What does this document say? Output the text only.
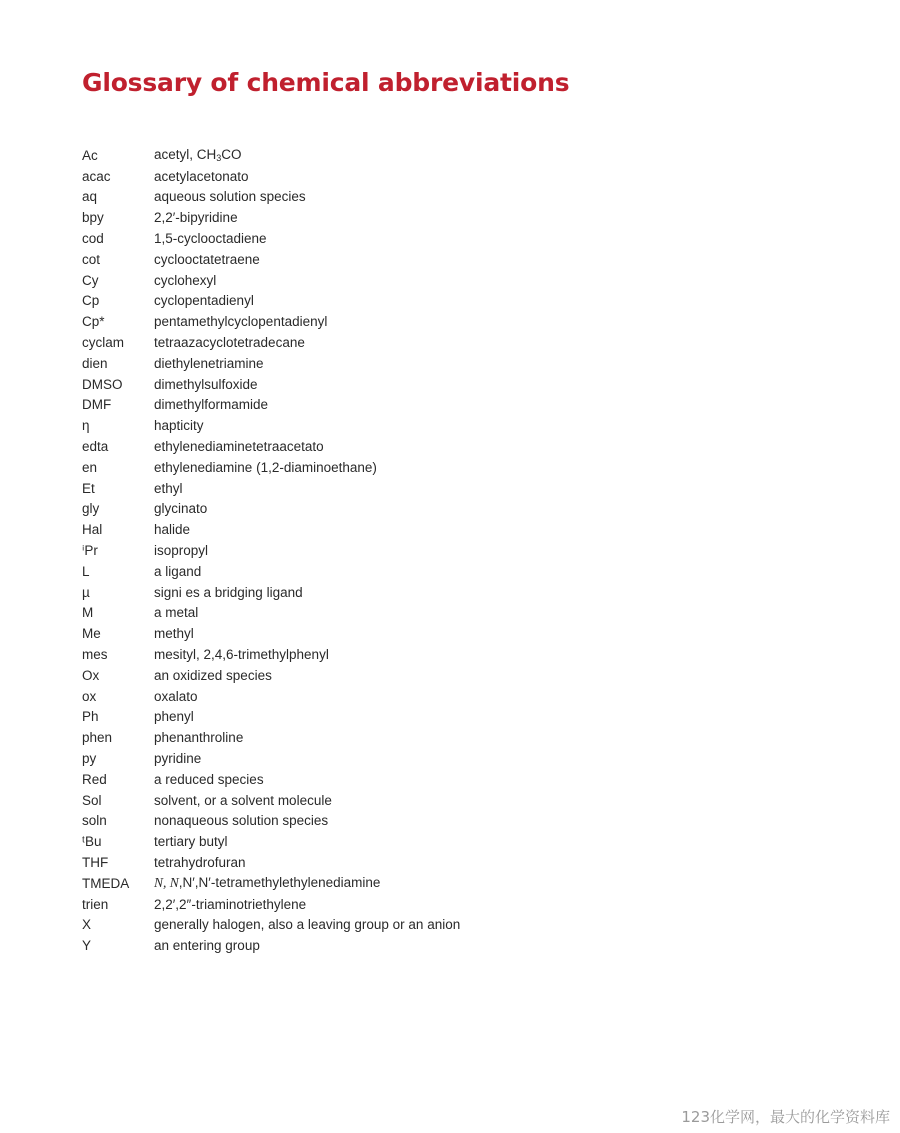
Glossary of chemical abbreviations
Ac	acetyl, $CH_3CO$
acac	acetylacetonato
aq	aqueous solution species
bpy	2,2′-bipyridine
cod	1,5-cyclooctadiene
cot	cyclooctatetraene
Cy	cyclohexyl
Cp	cyclopentadienyl
Cp*	pentamethylcyclopentadienyl
cyclam	tetraazacyclotetradecane
dien	diethylenetriamine
DMSO	dimethylsulfoxide
DMF	dimethylformamide
η	hapticity
edta	ethylenediaminetetraacetato
en	ethylenediamine (1,2-diaminoethane)
Et	ethyl
gly	glycinato
Hal	halide
ⁱPr	isopropyl
L	a ligand
µ	signi es a bridging ligand
M	a metal
Me	methyl
mes	mesityl, 2,4,6-trimethylphenyl
Ox	an oxidized species
ox	oxalato
Ph	phenyl
phen	phenanthroline
py	pyridine
Red	a reduced species
Sol	solvent, or a solvent molecule
soln	nonaqueous solution species
ᵗBu	tertiary butyl
THF	tetrahydrofuran
TMEDA	N, N,N′,N′-tetramethylethylenediamine
trien	2,2′,2″-triaminotriethylene
X	generally halogen, also a leaving group or an anion
Y	an entering group
123化学网，最大的化学资料库
